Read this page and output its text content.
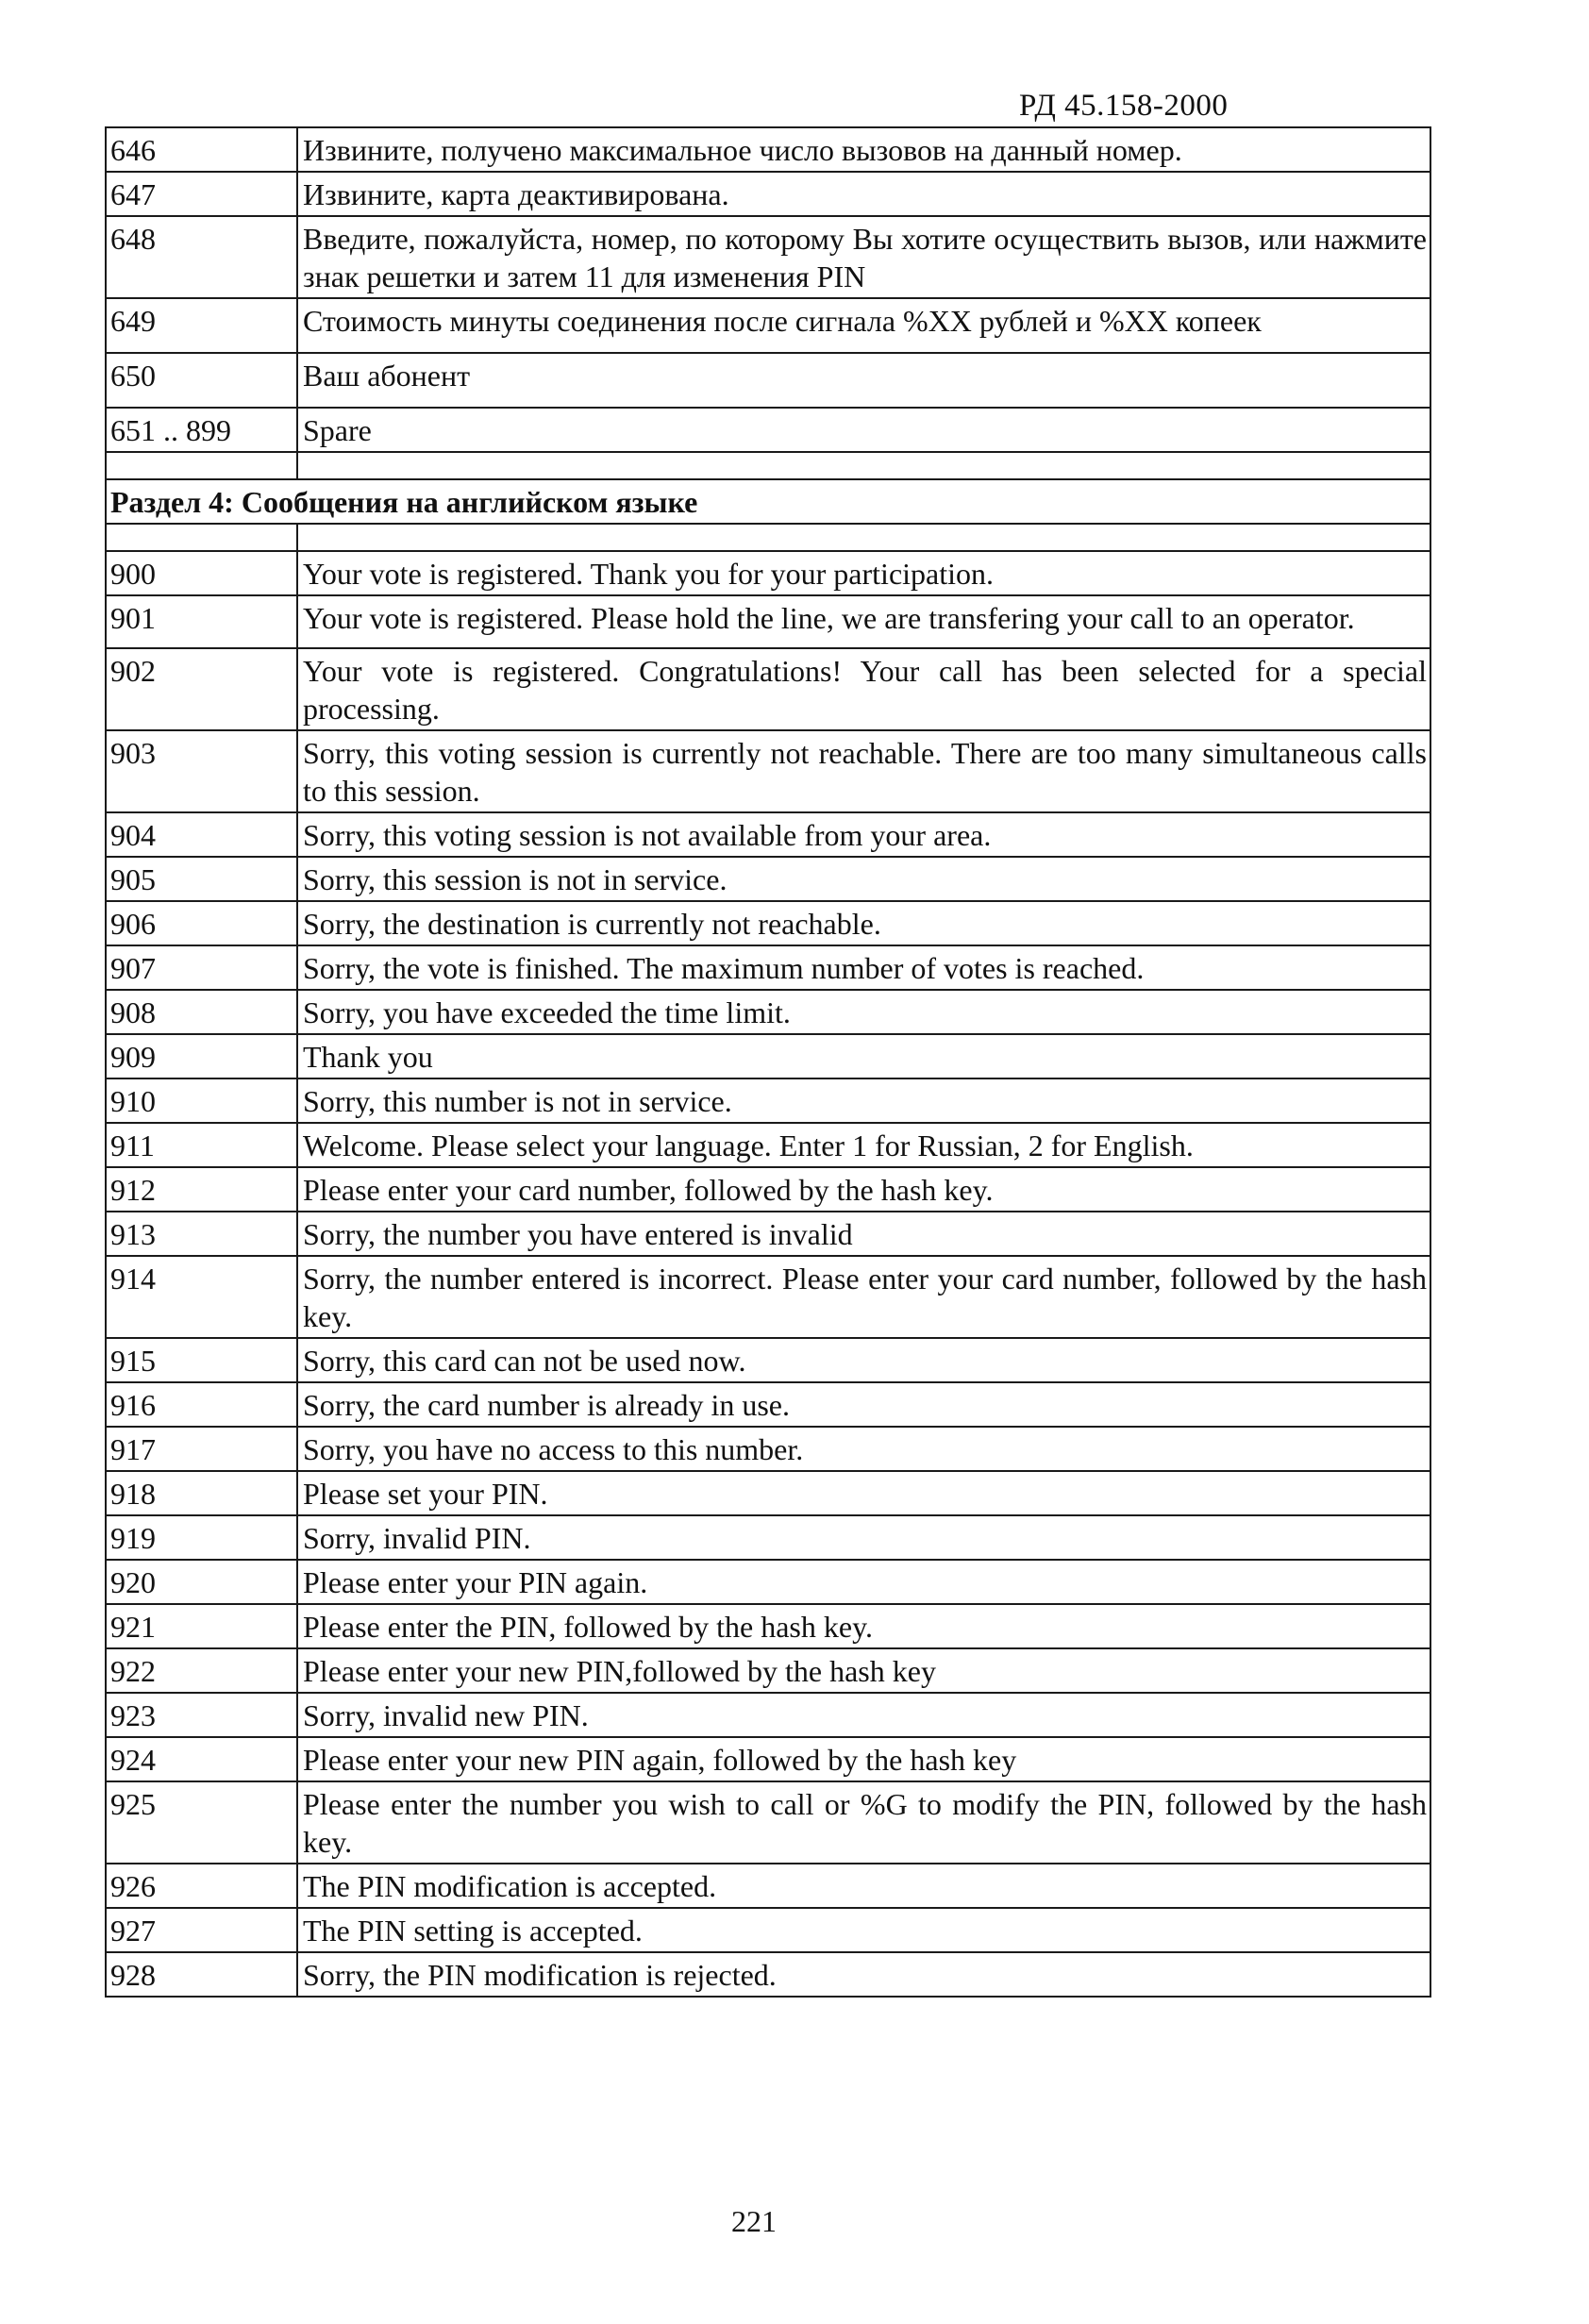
РД 45.158-2000
646	Извините, получено максимальное число вызовов на данный номер.
647	Извините, карта деактивирована.
648	Введите, пожалуйста, номер, по которому Вы хотите осуществить вызов, или нажмите знак решетки и затем 11 для изменения PIN
649	Стоимость минуты соединения после сигнала %XX рублей и %XX копеек
650	Ваш абонент
651 .. 899	Spare

Раздел 4: Сообщения на английском языке	

900	Your vote is registered. Thank you for your participation.
901	Your vote is registered. Please hold the line, we are transfering your call to an operator.
902	Your vote is registered. Congratulations! Your call has been selected for a special processing.
903	Sorry, this voting session is currently not reachable. There are too many simultaneous calls to this session.
904	Sorry, this voting session is not available from your area.
905	Sorry, this session is not in service.
906	Sorry, the destination is currently not reachable.
907	Sorry, the vote is finished. The maximum number of votes is reached.
908	Sorry, you have exceeded the time limit.
909	Thank you
910	Sorry, this number is not in service.
911	Welcome. Please select your language. Enter 1 for Russian, 2 for English.
912	Please enter your card number, followed by the hash key.
913	Sorry, the number you have entered is invalid
914	Sorry, the number entered is incorrect. Please enter your card number, followed by the hash key.
915	Sorry, this card can not be used now.
916	Sorry, the card number is already in use.
917	Sorry, you have no access to this number.
918	Please set your PIN.
919	Sorry, invalid PIN.
920	Please enter your PIN again.
921	Please enter the PIN, followed by the hash key.
922	Please enter your new PIN,followed by the hash key
923	Sorry, invalid new PIN.
924	Please enter your new PIN again, followed by the hash key
925	Please enter the number you wish to call or %G to modify the PIN, followed by the hash key.
926	The PIN modification is accepted.
927	The PIN setting is accepted.
928	Sorry, the PIN modification is rejected.
221
